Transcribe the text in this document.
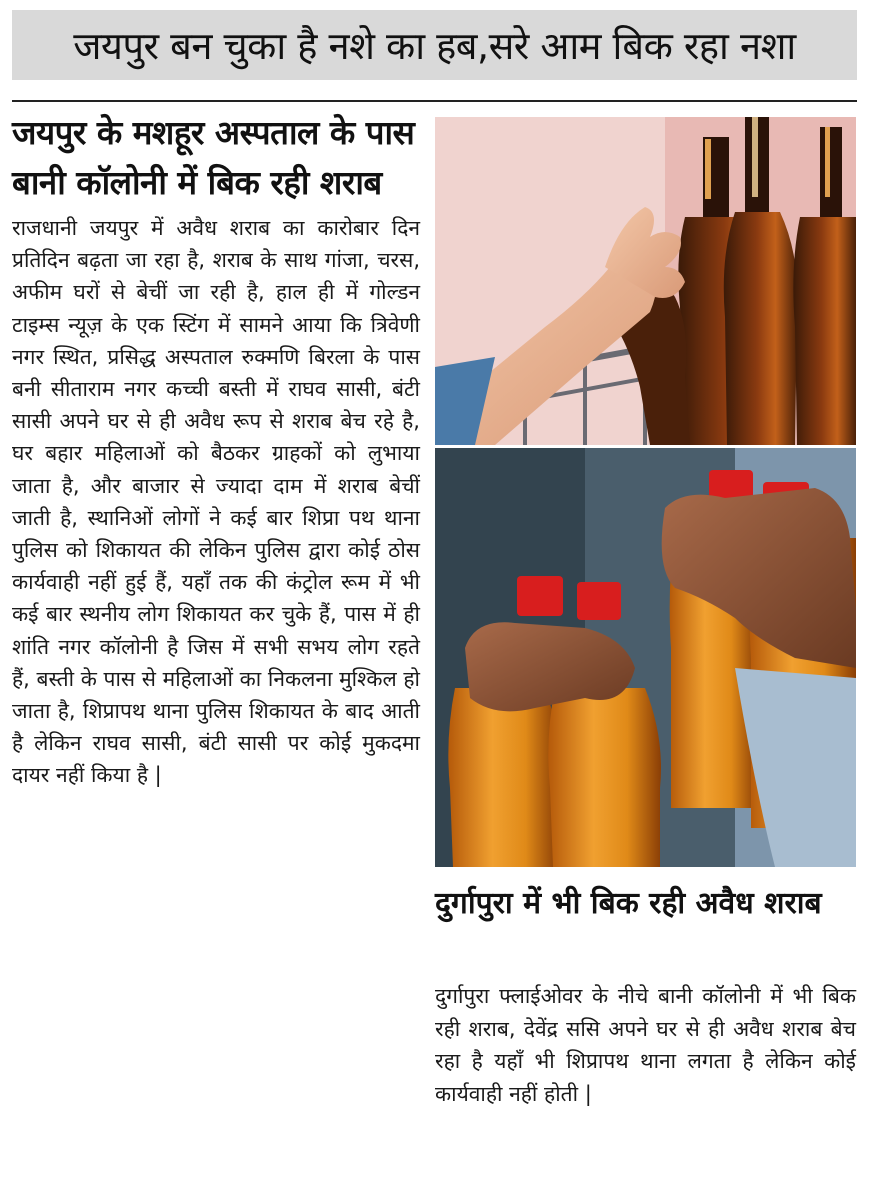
जयपुर बन चुका है नशे का हब,सरे आम बिक रहा नशा
जयपुर के मशहूर अस्पताल के पास बानी कॉलोनी में बिक रही शराब
राजधानी जयपुर में अवैध शराब का कारोबार दिन प्रतिदिन बढ़ता जा रहा है, शराब के साथ गांजा, चरस, अफीम घरों से बेचीं जा रही है, हाल ही में गोल्डन टाइम्स न्यूज़ के एक स्टिंग में सामने आया कि त्रिवेणी नगर स्थित, प्रसिद्ध अस्पताल रुक्मणि बिरला के पास बनी सीताराम नगर कच्ची बस्ती में राघव सासी, बंटी सासी अपने घर से ही अवैध रूप से शराब बेच रहे है, घर बहार महिलाओं को बैठकर ग्राहकों को लुभाया जाता है, और बाजार से ज्यादा दाम में शराब बेचीं जाती है, स्थानिओं लोगों ने कई बार शिप्रा पथ थाना पुलिस को शिकायत की लेकिन पुलिस द्वारा कोई ठोस कार्यवाही नहीं हुई हैं, यहाँ तक की कंट्रोल रूम में भी कई बार स्थनीय लोग शिकायत कर चुके हैं, पास में ही शांति नगर कॉलोनी है जिस में सभी सभय लोग रहते हैं, बस्ती के पास से महिलाओं का निकलना मुश्किल हो जाता है, शिप्रापथ थाना पुलिस शिकायत के बाद आती है लेकिन राघव सासी, बंटी सासी पर कोई मुकदमा दायर नहीं किया है |
दुर्गापुरा में भी बिक रही अवैध शराब
दुर्गापुरा फ्लाईओवर के नीचे बानी कॉलोनी में भी बिक रही शराब, देवेंद्र ससि अपने घर से ही अवैध शराब बेच रहा है यहाँ भी शिप्रापथ थाना लगता है लेकिन कोई कार्यवाही नहीं होती |
